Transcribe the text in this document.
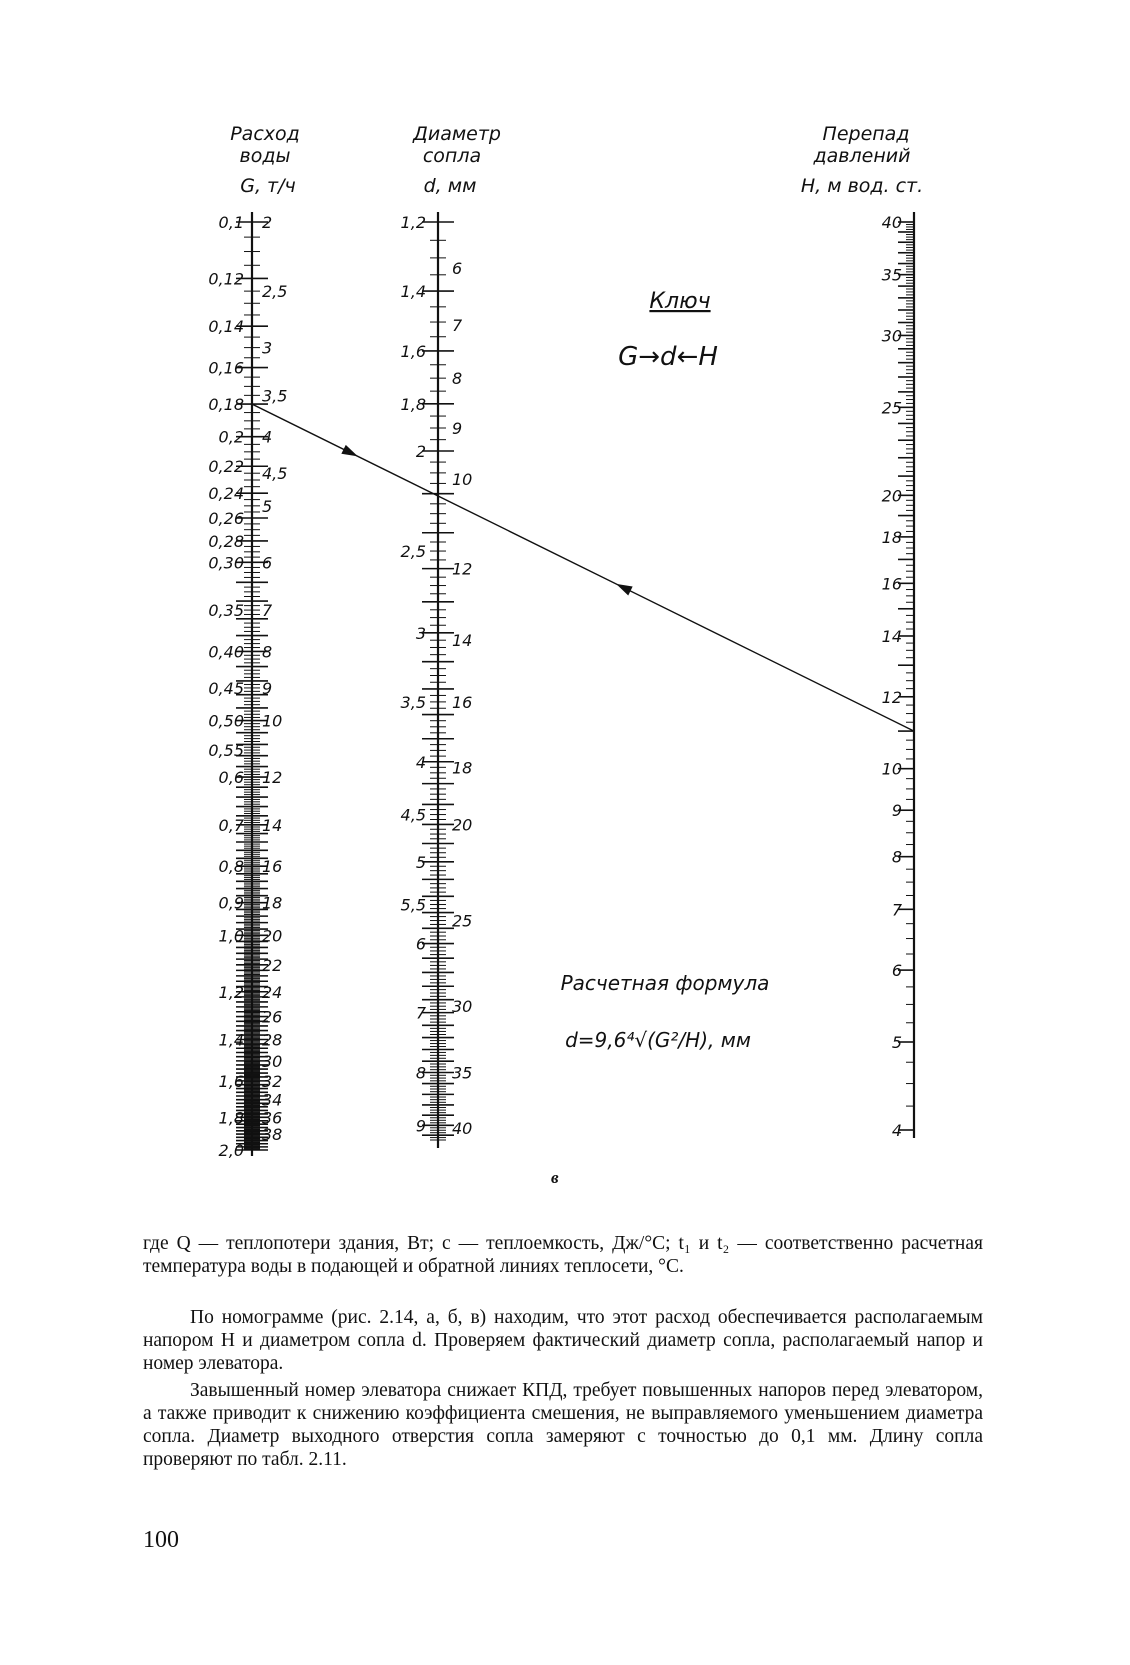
Расход
воды
G, т/ч
Диаметр
сопла
d, мм
Перепад
давлений
H, м вод. ст.
0,1
0,12
0,14
0,16
0,18
0,2
0,22
0,24
0,26
0,28
0,30
0,35
0,40
0,45
0,50
0,55
0,6
0,7
0,8
0,9
1,0
1,2
1,4
1,6
1,8
2,0
2
2,5
3
3,5
4
4,5
5
6
7
8
9
10
12
14
16
18
20
22
24
26
28
30
32
34
36
38
1,2
1,4
1,6
1,8
2
2,5
3
3,5
4
4,5
5
5,5
6
7
8
9
6
7
8
9
10
12
14
16
18
20
25
30
35
40
40
35
30
25
20
18
16
14
12
10
9
8
7
6
5
4
Ключ
G→d←H
Расчетная формула
d=9,6⁴√(G²/H), мм
в
где Q — теплопотери здания, Вт; c — теплоемкость, Дж/°С; t₁ и t₂ — соответственно расчетная температура воды в подающей и обратной линиях теплосети, °С.
По номограмме (рис. 2.14, а, б, в) находим, что этот расход обеспечивается располагаемым напором H и диаметром сопла d. Проверяем фактический диаметр сопла, располагаемый напор и номер элеватора.
Завышенный номер элеватора снижает КПД, требует повышенных напоров перед элеватором, а также приводит к снижению коэффициента смешения, не выправляемого уменьшением диаметра сопла. Диаметр выходного отверстия сопла замеряют с точностью до 0,1 мм. Длину сопла проверяют по табл. 2.11.
100
